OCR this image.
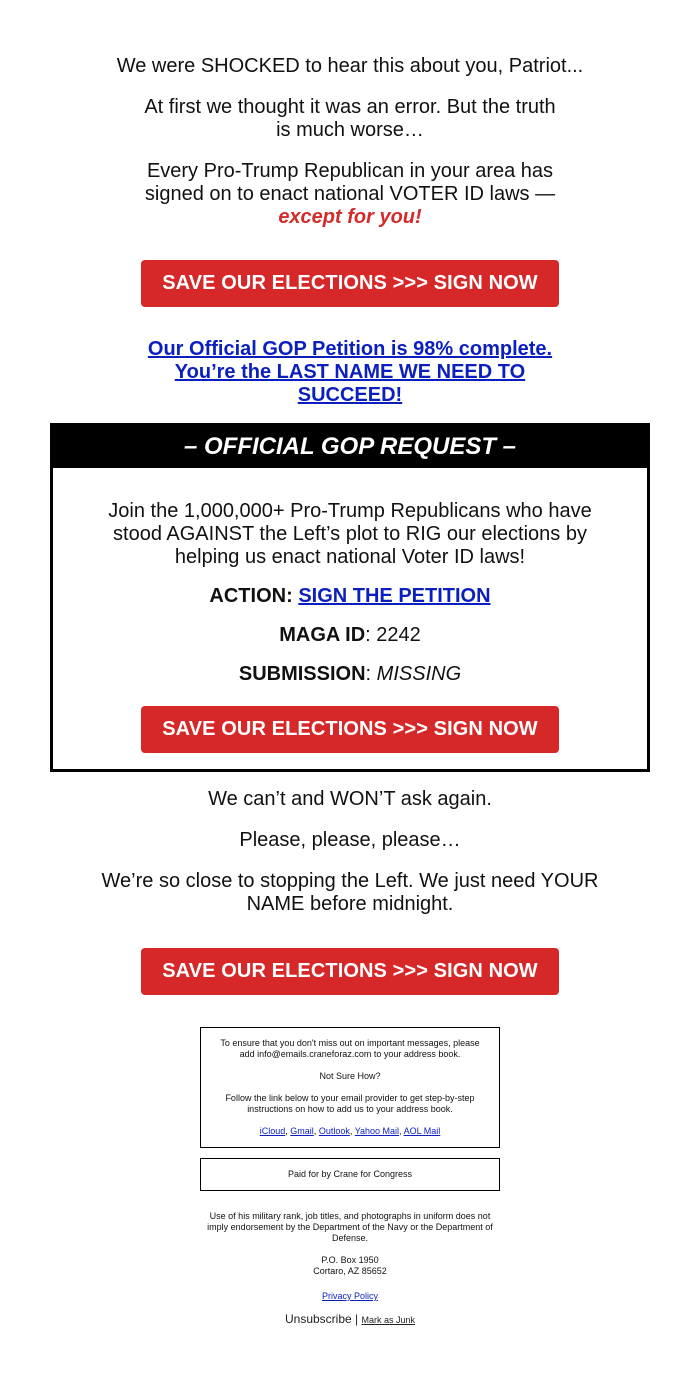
We were SHOCKED to hear this about you, Patriot...

At first we thought it was an error. But the truth is much worse…

Every Pro-Trump Republican in your area has signed on to enact national VOTER ID laws — except for you!

SAVE OUR ELECTIONS >>> SIGN NOW

Our Official GOP Petition is 98% complete. You’re the LAST NAME WE NEED TO SUCCEED!

– OFFICIAL GOP REQUEST –

Join the 1,000,000+ Pro-Trump Republicans who have stood AGAINST the Left’s plot to RIG our elections by helping us enact national Voter ID laws!

ACTION: SIGN THE PETITION

MAGA ID: 2242

SUBMISSION: MISSING

SAVE OUR ELECTIONS >>> SIGN NOW

We can’t and WON’T ask again.

Please, please, please…

We’re so close to stopping the Left. We just need YOUR NAME before midnight.

SAVE OUR ELECTIONS >>> SIGN NOW

To ensure that you don't miss out on important messages, please add info@emails.craneforaz.com to your address book.

Not Sure How?

Follow the link below to your email provider to get step-by-step instructions on how to add us to your address book.

iCloud, Gmail, Outlook, Yahoo Mail, AOL Mail

Paid for by Crane for Congress

Use of his military rank, job titles, and photographs in uniform does not imply endorsement by the Department of the Navy or the Department of Defense.

P.O. Box 1950

Cortaro, AZ 85652

Privacy Policy

Unsubscribe | Mark as Junk
